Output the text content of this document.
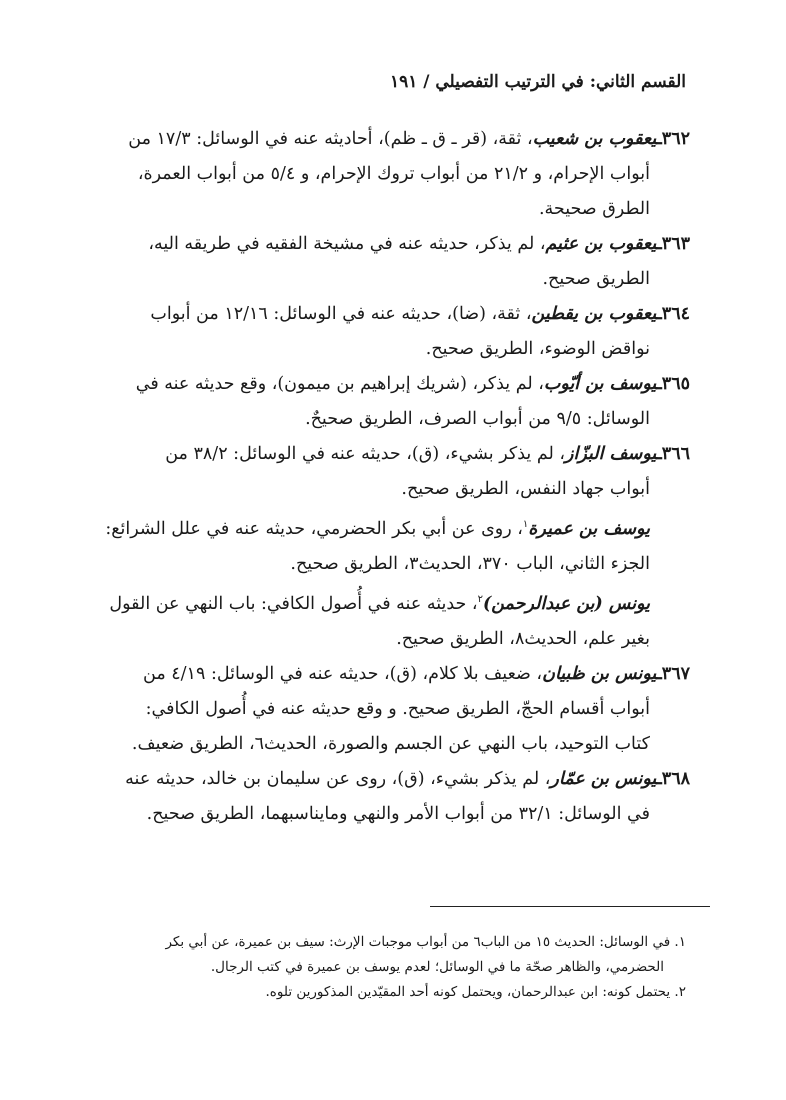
القسم الثاني: في الترتيب التفصيلي / ١٩١
٣٦٢ـيعقوب بن شعيب، ثقة، (قر ـ ق ـ ظم)، أحاديثه عنه في الوسائل: ١٧/٣ من
أبواب الإحرام، و ٢١/٢ من أبواب تروك الإحرام، و ٥/٤ من أبواب العمرة،
الطرق صحيحة.
٣٦٣ـيعقوب بن عثيم، لم يذكر، حديثه عنه في مشيخة الفقيه في طريقه اليه،
الطريق صحيح.
٣٦٤ـيعقوب بن يقطين، ثقة، (ضا)، حديثه عنه في الوسائل: ١٢/١٦ من أبواب
نواقض الوضوء، الطريق صحيح.
٣٦٥ـيوسف بن أيّوب، لم يذكر، (شريك إبراهيم بن ميمون)، وقع حديثه عنه في
الوسائل: ٩/٥ من أبواب الصرف، الطريق صحيحٌ.
٣٦٦ـيوسف البزّاز، لم يذكر بشيء، (ق)، حديثه عنه في الوسائل: ٣٨/٢ من
أبواب جهاد النفس، الطريق صحيح.
يوسف بن عميرة$^١$، روى عن أبي بكر الحضرمي، حديثه عنه في علل الشرائع:
الجزء الثاني، الباب ٣٧٠، الحديث٣، الطريق صحيح.
يونس (بن عبدالرحمن)$^٢$، حديثه عنه في أُصول الكافي: باب النهي عن القول
بغير علم، الحديث٨، الطريق صحيح.
٣٦٧ـيونس بن ظبيان، ضعيف بلا كلام، (ق)، حديثه عنه في الوسائل: ٤/١٩ من
أبواب أقسام الحجّ، الطريق صحيح. و وقع حديثه عنه في أُصول الكافي:
كتاب التوحيد، باب النهي عن الجسم والصورة، الحديث٦، الطريق ضعيف.
٣٦٨ـيونس بن عمّار، لم يذكر بشيء، (ق)، روى عن سليمان بن خالد، حديثه عنه
في الوسائل: ٣٢/١ من أبواب الأمر والنهي ومايناسبهما، الطريق صحيح.
١. في الوسائل: الحديث ١٥ من الباب٦ من أبواب موجبات الإرث: سيف بن عميرة، عن أبي بكر
الحضرمي، والظاهر صحّة ما في الوسائل؛ لعدم يوسف بن عميرة في كتب الرجال.
٢. يحتمل كونه: ابن عبدالرحمان، ويحتمل كونه أحد المقيّدين المذكورين تلوه.
